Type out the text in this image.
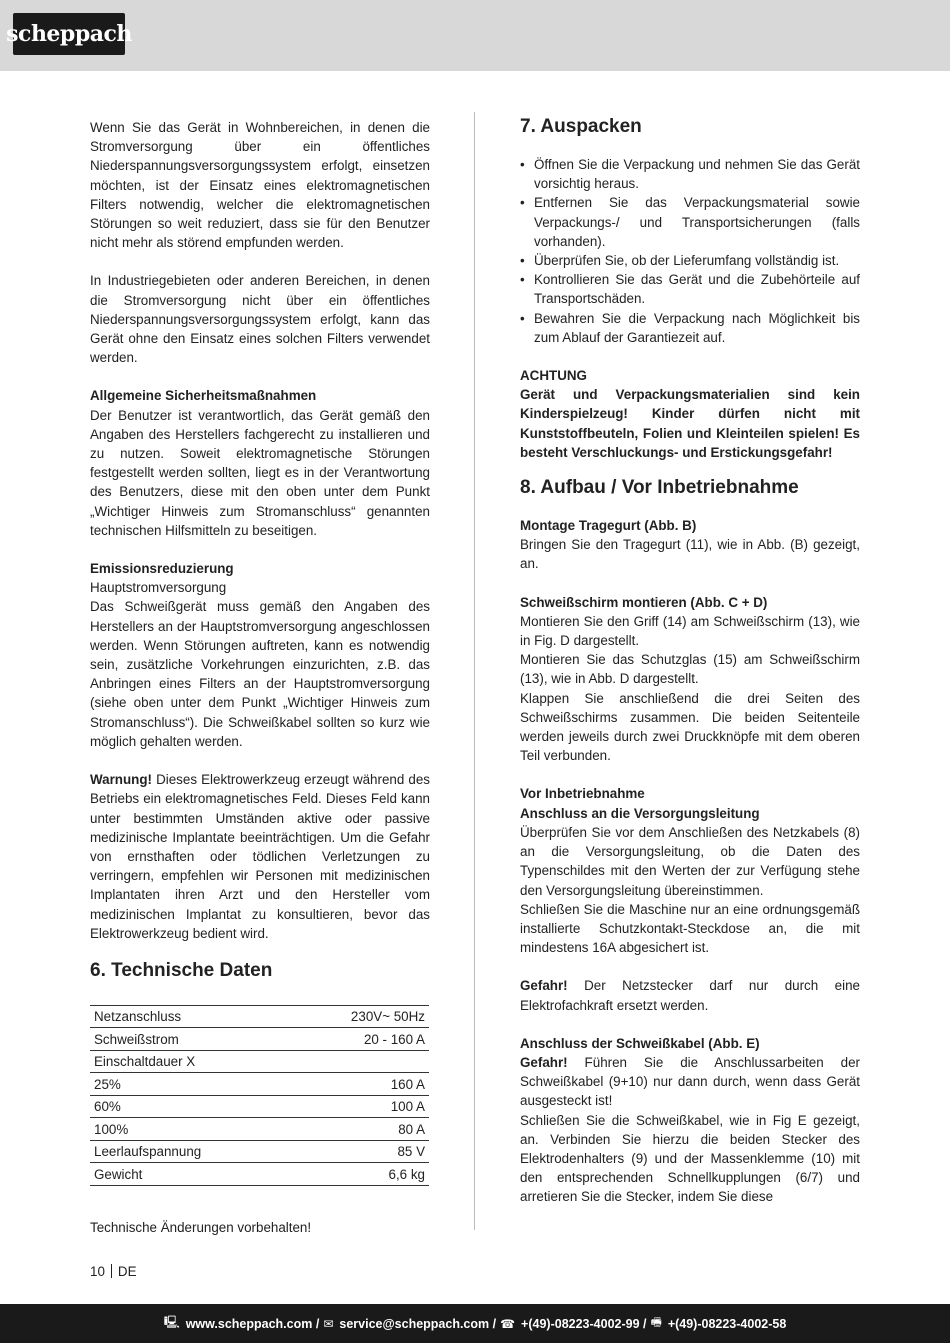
scheppach

Wenn Sie das Gerät in Wohnbereichen, in denen die Stromversorgung über ein öffentliches Niederspannungsversorgungssystem erfolgt, einsetzen möchten, ist der Einsatz eines elektromagnetischen Filters notwendig, welcher die elektromagnetischen Störungen so weit reduziert, dass sie für den Benutzer nicht mehr als störend empfunden werden.

In Industriegebieten oder anderen Bereichen, in denen die Stromversorgung nicht über ein öffentliches Niederspannungsversorgungssystem erfolgt, kann das Gerät ohne den Einsatz eines solchen Filters verwendet werden.

Allgemeine Sicherheitsmaßnahmen

Der Benutzer ist verantwortlich, das Gerät gemäß den Angaben des Herstellers fachgerecht zu installieren und zu nutzen. Soweit elektromagnetische Störungen festgestellt werden sollten, liegt es in der Verantwortung des Benutzers, diese mit den oben unter dem Punkt „Wichtiger Hinweis zum Stromanschluss“ genannten technischen Hilfsmitteln zu beseitigen.

Emissionsreduzierung

Hauptstromversorgung

Das Schweißgerät muss gemäß den Angaben des Herstellers an der Hauptstromversorgung angeschlossen werden. Wenn Störungen auftreten, kann es notwendig sein, zusätzliche Vorkehrungen einzurichten, z.B. das Anbringen eines Filters an der Hauptstromversorgung (siehe oben unter dem Punkt „Wichtiger Hinweis zum Stromanschluss“). Die Schweißkabel sollten so kurz wie möglich gehalten werden.

Warnung! Dieses Elektrowerkzeug erzeugt während des Betriebs ein elektromagnetisches Feld. Dieses Feld kann unter bestimmten Umständen aktive oder passive medizinische Implantate beeinträchtigen. Um die Gefahr von ernsthaften oder tödlichen Verletzungen zu verringern, empfehlen wir Personen mit medizinischen Implantaten ihren Arzt und den Hersteller vom medizinischen Implantat zu konsultieren, bevor das Elektrowerkzeug bedient wird.

6. Technische Daten
Netzanschluss	230V~ 50Hz
Schweißstrom	20 - 160 A
Einschaltdauer X	
25%	160 A
60%	100 A
100%	80 A
Leerlaufspannung	85 V
Gewicht	6,6 kg

Technische Änderungen vorbehalten!

7. Auspacken
• Öffnen Sie die Verpackung und nehmen Sie das Gerät vorsichtig heraus.
• Entfernen Sie das Verpackungsmaterial sowie Verpackungs-/ und Transportsicherungen (falls vorhanden).
• Überprüfen Sie, ob der Lieferumfang vollständig ist.
• Kontrollieren Sie das Gerät und die Zubehörteile auf Transportschäden.
• Bewahren Sie die Verpackung nach Möglichkeit bis zum Ablauf der Garantiezeit auf.

ACHTUNG

Gerät und Verpackungsmaterialien sind kein Kinderspielzeug! Kinder dürfen nicht mit Kunststoffbeuteln, Folien und Kleinteilen spielen! Es besteht Verschluckungs- und Erstickungsgefahr!

8. Aufbau / Vor Inbetriebnahme

Montage Tragegurt (Abb. B)

Bringen Sie den Tragegurt (11), wie in Abb. (B) gezeigt, an.

Schweißschirm montieren (Abb. C + D)

Montieren Sie den Griff (14) am Schweißschirm (13), wie in Fig. D dargestellt.

Montieren Sie das Schutzglas (15) am Schweißschirm (13), wie in Abb. D dargestellt.

Klappen Sie anschließend die drei Seiten des Schweißschirms zusammen. Die beiden Seitenteile werden jeweils durch zwei Druckknöpfe mit dem oberen Teil verbunden.

Vor Inbetriebnahme

Anschluss an die Versorgungsleitung

Überprüfen Sie vor dem Anschließen des Netzkabels (8) an die Versorgungsleitung, ob die Daten des Typenschildes mit den Werten der zur Verfügung stehe den Versorgungsleitung übereinstimmen.

Schließen Sie die Maschine nur an eine ordnungsgemäß installierte Schutzkontakt-Steckdose an, die mit mindestens 16A abgesichert ist.

Gefahr! Der Netzstecker darf nur durch eine Elektrofachkraft ersetzt werden.

Anschluss der Schweißkabel (Abb. E)

Gefahr! Führen Sie die Anschlussarbeiten der Schweißkabel (9+10) nur dann durch, wenn dass Gerät ausgesteckt ist!

Schließen Sie die Schweißkabel, wie in Fig E gezeigt, an. Verbinden Sie hierzu die beiden Stecker des Elektrodenhalters (9) und der Massenklemme (10) mit den entsprechenden Schnellkupplungen (6/7) und arretieren Sie die Stecker, indem Sie diese

10 DE
🖳 www.scheppach.com / ✉ service@scheppach.com / ☎ +(49)-08223-4002-99 / 🖷 +(49)-08223-4002-58
